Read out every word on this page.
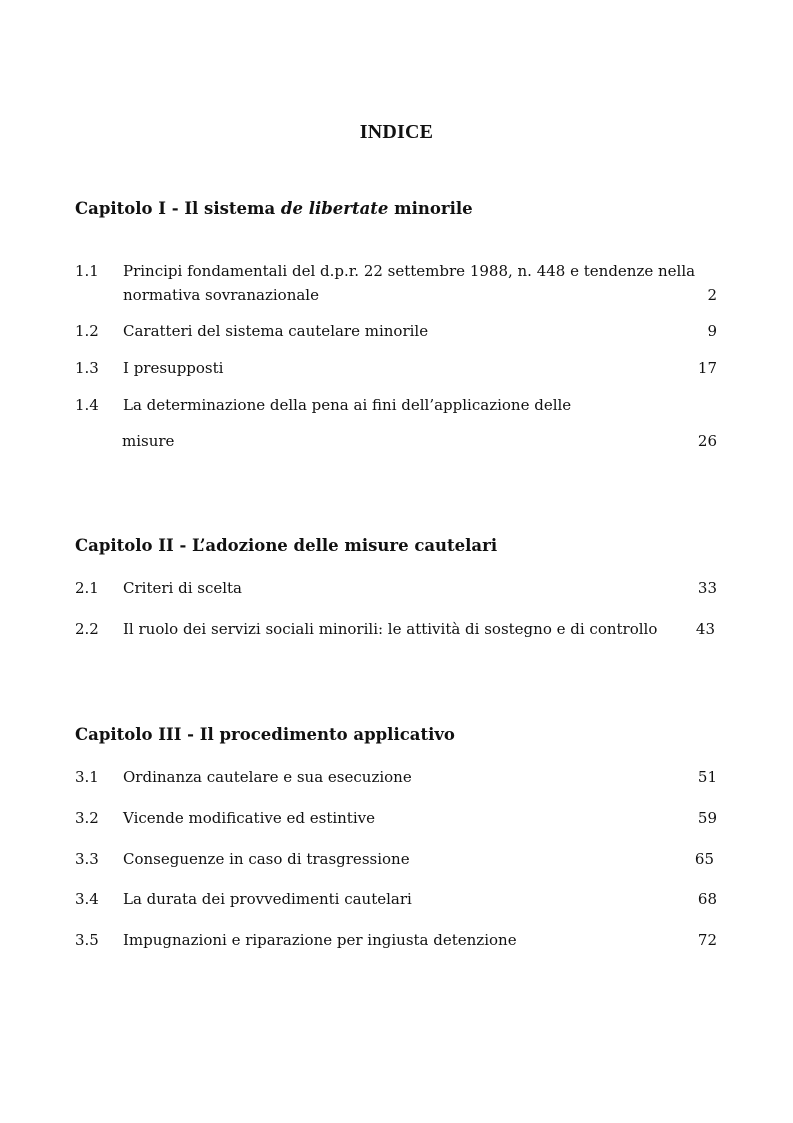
INDICE
Capitolo I - Il sistema de libertate minorile
1.1 Principi fondamentali del d.p.r. 22 settembre 1988, n. 448 e tendenze nella
normativa sovranazionale	2
1.2 Caratteri del sistema cautelare minorile	9
1.3 I presupposti	17
1.4 La determinazione della pena ai fini dell’applicazione delle
misure	26
Capitolo II - L’adozione delle misure cautelari
2.1 Criteri di scelta	33
2.2 Il ruolo dei servizi sociali minorili: le attività di sostegno e di controllo	43
Capitolo III - Il procedimento applicativo
3.1 Ordinanza cautelare e sua esecuzione	51
3.2 Vicende modificative ed estintive	59
3.3 Conseguenze in caso di trasgressione	65
3.4 La durata dei provvedimenti cautelari	68
3.5 Impugnazioni e riparazione per ingiusta detenzione	72
